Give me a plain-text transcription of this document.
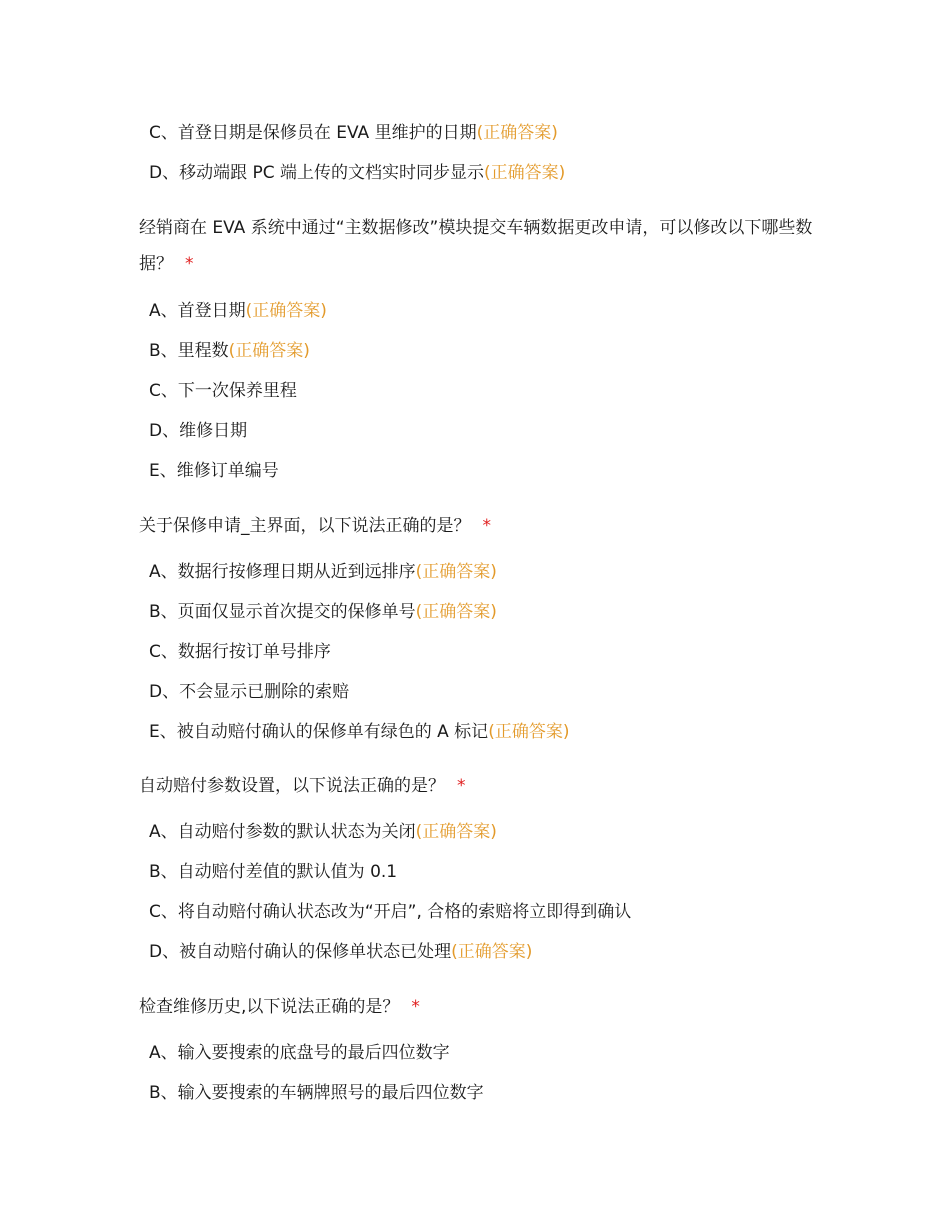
C、首登日期是保修员在 EVA 里维护的日期(正确答案)
D、移动端跟 PC 端上传的文档实时同步显示(正确答案)
经销商在 EVA 系统中通过“主数据修改”模块提交车辆数据更改申请，可以修改以下哪些数据？ *
A、首登日期(正确答案)
B、里程数(正确答案)
C、下一次保养里程
D、维修日期
E、维修订单编号
关于保修申请_主界面，以下说法正确的是？ *
A、数据行按修理日期从近到远排序(正确答案)
B、页面仅显示首次提交的保修单号(正确答案)
C、数据行按订单号排序
D、不会显示已删除的索赔
E、被自动赔付确认的保修单有绿色的 A 标记(正确答案)
自动赔付参数设置，以下说法正确的是？ *
A、自动赔付参数的默认状态为关闭(正确答案)
B、自动赔付差值的默认值为 0.1
C、将自动赔付确认状态改为“开启”, 合格的索赔将立即得到确认
D、被自动赔付确认的保修单状态已处理(正确答案)
检查维修历史,以下说法正确的是？ *
A、输入要搜索的底盘号的最后四位数字
B、输入要搜索的车辆牌照号的最后四位数字
